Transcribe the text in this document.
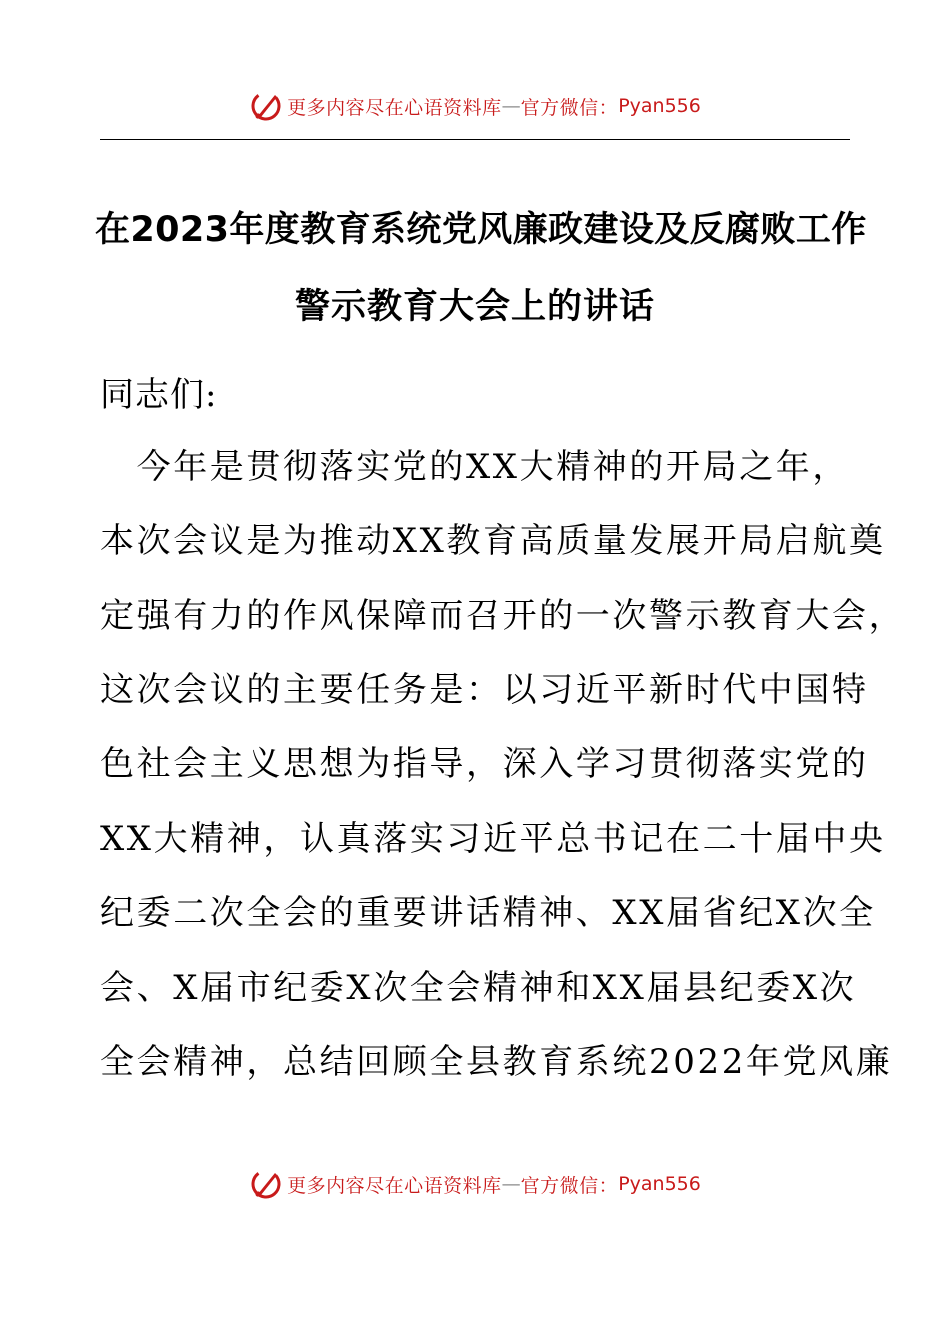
更多内容尽在心语资料库 — 官方微信： Pyan556
在2023年度教育系统党风廉政建设及反腐败工作
警示教育大会上的讲话
同志们:
　今年是贯彻落实党的XX大精神的开局之年，
本次会议是为推动XX教育高质量发展开局启航奠
定强有力的作风保障而召开的一次警示教育大会，
这次会议的主要任务是：以习近平新时代中国特
色社会主义思想为指导，深入学习贯彻落实党的
XX大精神，认真落实习近平总书记在二十届中央
纪委二次全会的重要讲话精神、XX届省纪X次全
会、X届市纪委X次全会精神和XX届县纪委X次
全会精神，总结回顾全县教育系统2022年党风廉
更多内容尽在心语资料库 — 官方微信： Pyan556
